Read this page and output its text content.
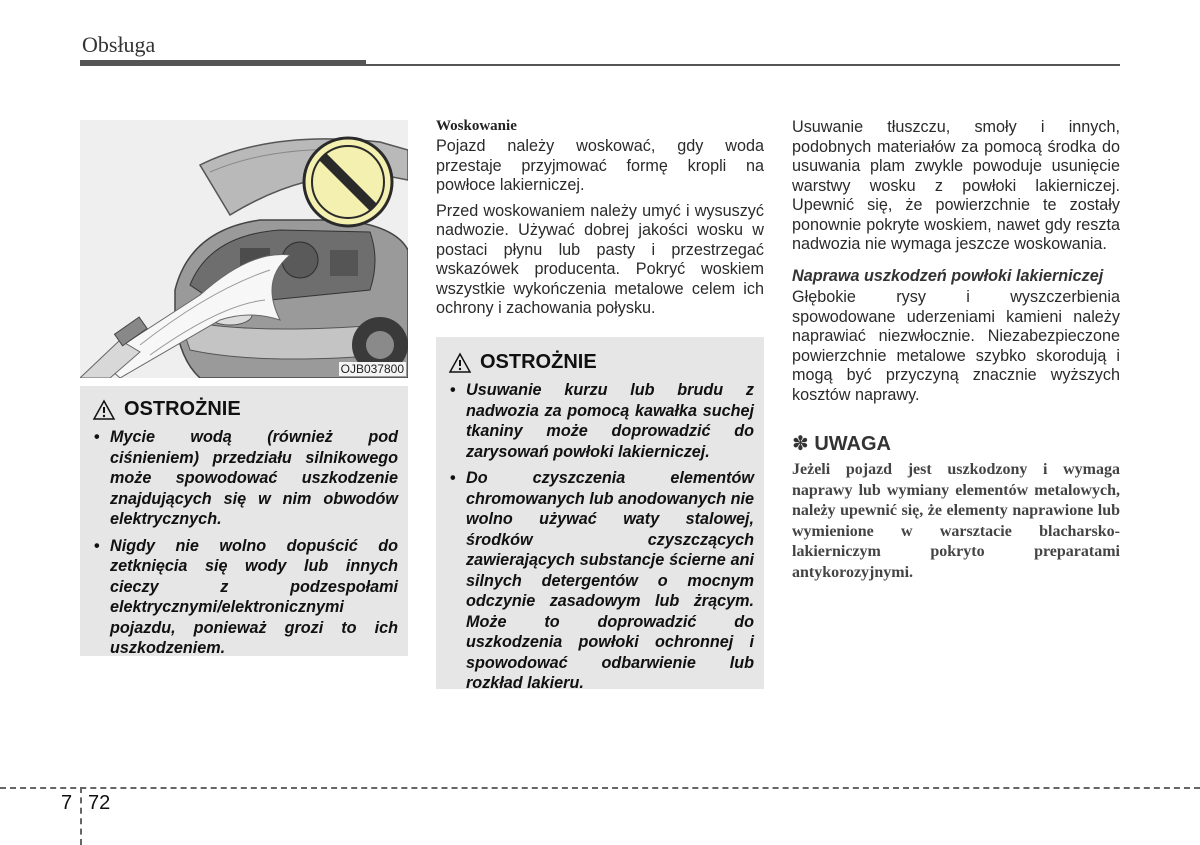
Obsługa
OJB037800
OSTROŻNIE
• Mycie wodą (również pod ciśnieniem) przedziału silnikowego może spowodować uszkodzenie znajdujących się w nim obwodów elektrycznych.
• Nigdy nie wolno dopuścić do zetknięcia się wody lub innych cieczy z podzespołami elektrycznymi/elektronicznymi pojazdu, ponieważ grozi to ich uszkodzeniem.
Woskowanie

Pojazd należy woskować, gdy woda przestaje przyjmować formę kropli na powłoce lakierniczej.

Przed woskowaniem należy umyć i wysuszyć nadwozie. Używać dobrej jakości wosku w postaci płynu lub pasty i przestrzegać wskazówek producenta. Pokryć woskiem wszystkie wykończenia metalowe celem ich ochrony i zachowania połysku.

OSTROŻNIE
• Usuwanie kurzu lub brudu z nadwozia za pomocą kawałka suchej tkaniny może doprowadzić do zarysowań powłoki lakierniczej.
• Do czyszczenia elementów chromowanych lub anodowanych nie wolno używać waty stalowej, środków czyszczących zawierających substancje ścierne ani silnych detergentów o mocnym odczynie zasadowym lub żrącym. Może to doprowadzić do uszkodzenia powłoki ochronnej i spowodować odbarwienie lub rozkład lakieru.

Usuwanie tłuszczu, smoły i innych, podobnych materiałów za pomocą środka do usuwania plam zwykle powoduje usunięcie warstwy wosku z powłoki lakierniczej. Upewnić się, że powierzchnie te zostały ponownie pokryte woskiem, nawet gdy reszta nadwozia nie wymaga jeszcze woskowania.

Naprawa uszkodzeń powłoki lakierniczej

Głębokie rysy i wyszczerbienia spowodowane uderzeniami kamieni należy naprawiać niezwłocznie. Niezabezpieczone powierzchnie metalowe szybko skorodują i mogą być przyczyną znacznie wyższych kosztów naprawy.

✽ UWAGA

Jeżeli pojazd jest uszkodzony i wymaga naprawy lub wymiany elementów metalowych, należy upewnić się, że elementy naprawione lub wymienione w warsztacie blacharsko-lakierniczym pokryto preparatami antykorozyjnymi.

7 72
